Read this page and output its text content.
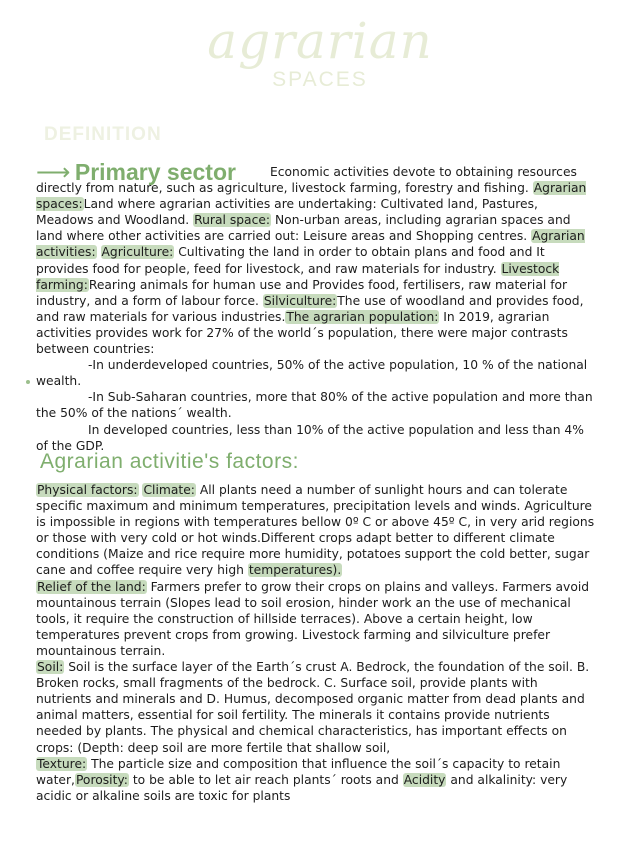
agrarian
SPACES
DEFINITION
⟶ Primary sector	Economic activities devote to obtaining resources directly from nature, such as agriculture, livestock farming, forestry and fishing. Agrarian spaces:Land where agrarian activities are undertaking: Cultivated land, Pastures, Meadows and Woodland. Rural space: Non-urban areas, including agrarian spaces and land where other activities are carried out: Leisure areas and Shopping centres. Agrarian activities: Agriculture: Cultivating the land in order to obtain plans and food and It provides food for people, feed for livestock, and raw materials for industry. Livestock farming:Rearing animals for human use and Provides food, fertilisers, raw material for industry, and a form of labour force. Silviculture:The use of woodland and provides food, and raw materials for various industries.The agrarian population: In 2019, agrarian activities provides work for 27% of the world´s population, there were major contrasts between countries:

-In underdeveloped countries, 50% of the active population, 10 % of the national wealth.

-In Sub-Saharan countries, more that 80% of the active population and more than the 50% of the nations´ wealth.

In developed countries, less than 10% of the active population and less than 4% of the GDP.

Agrarian activitie's factors:

Physical factors: Climate: All plants need a number of sunlight hours and can tolerate specific maximum and minimum temperatures, precipitation levels and winds. Agriculture is impossible in regions with temperatures bellow 0º C or above 45º C, in very arid regions or those with very cold or hot winds.Different crops adapt better to different climate conditions (Maize and rice require more humidity, potatoes support the cold better, sugar cane and coffee require very high temperatures).

Relief of the land: Farmers prefer to grow their crops on plains and valleys. Farmers avoid mountainous terrain (Slopes lead to soil erosion, hinder work an the use of mechanical tools, it require the construction of hillside terraces). Above a certain height, low temperatures prevent crops from growing. Livestock farming and silviculture prefer mountainous terrain.

Soil: Soil is the surface layer of the Earth´s crust A. Bedrock, the foundation of the soil. B. Broken rocks, small fragments of the bedrock. C. Surface soil, provide plants with nutrients and minerals and D. Humus, decomposed organic matter from dead plants and animal matters, essential for soil fertility. The minerals it contains provide nutrients needed by plants. The physical and chemical characteristics, has important effects on crops: (Depth: deep soil are more fertile that shallow soil,

Texture: The particle size and composition that influence the soil´s capacity to retain water,Porosity: to be able to let air reach plants´ roots and Acidity and alkalinity: very acidic or alkaline soils are toxic for plants
